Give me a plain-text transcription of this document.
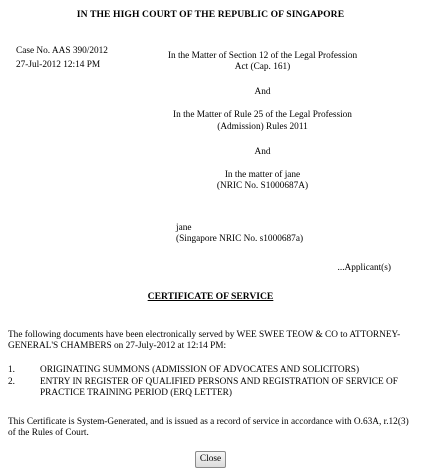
IN THE HIGH COURT OF THE REPUBLIC OF SINGAPORE
Case No. AAS 390/2012
27-Jul-2012 12:14 PM
In the Matter of Section 12 of the Legal Profession
Act (Cap. 161)
And
In the Matter of Rule 25 of the Legal Profession
(Admission) Rules 2011
And
In the matter of jane
(NRIC No. S1000687A)
jane
(Singapore NRIC No. s1000687a)
...Applicant(s)
CERTIFICATE OF SERVICE
The following documents have been electronically served by WEE SWEE TEOW & CO to ATTORNEY-GENERAL'S CHAMBERS on 27-July-2012 at 12:14 PM:
1.	ORIGINATING SUMMONS (ADMISSION OF ADVOCATES AND SOLICITORS)
2.	ENTRY IN REGISTER OF QUALIFIED PERSONS AND REGISTRATION OF SERVICE OF PRACTICE TRAINING PERIOD (ERQ LETTER)
This Certificate is System-Generated, and is issued as a record of service in accordance with O.63A, r.12(3) of the Rules of Court.
Close
